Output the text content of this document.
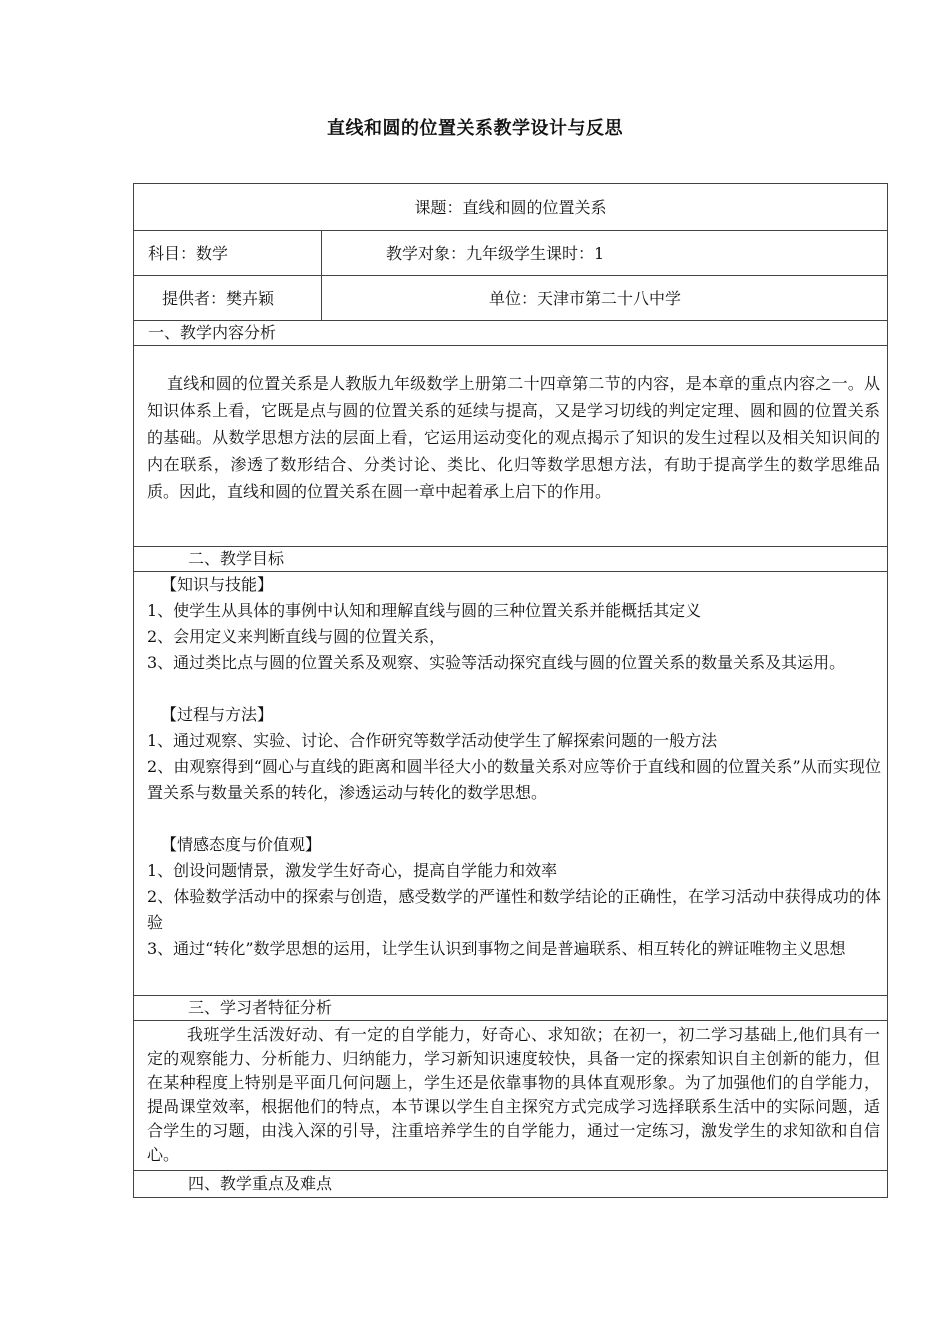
直线和圆的位置关系教学设计与反思
课题：直线和圆的位置关系
科目：数学	教学对象：九年级学生课时：1
提供者：樊卉颖	单位：天津市第二十八中学
一、教学内容分析

直线和圆的位置关系是人教版九年级数学上册第二十四章第二节的内容，是本章的重点内容之一。从知识体系上看，它既是点与圆的位置关系的延续与提高，又是学习切线的判定定理、圆和圆的位置关系的基础。从数学思想方法的层面上看，它运用运动变化的观点揭示了知识的发生过程以及相关知识间的内在联系，渗透了数形结合、分类讨论、类比、化归等数学思想方法，有助于提高学生的数学思维品质。因此，直线和圆的位置关系在圆一章中起着承上启下的作用。

二、教学目标

【知识与技能】

1、使学生从具体的事例中认知和理解直线与圆的三种位置关系并能概括其定义

2、会用定义来判断直线与圆的位置关系，

3、通过类比点与圆的位置关系及观察、实验等活动探究直线与圆的位置关系的数量关系及其运用。

【过程与方法】

1、通过观察、实验、讨论、合作研究等数学活动使学生了解探索问题的一般方法

2、由观察得到“圆心与直线的距离和圆半径大小的数量关系对应等价于直线和圆的位置关系”从而实现位置关系与数量关系的转化，渗透运动与转化的数学思想。

【情感态度与价值观】

1、创设问题情景，激发学生好奇心，提高自学能力和效率

2、体验数学活动中的探索与创造，感受数学的严谨性和数学结论的正确性，在学习活动中获得成功的体验

3、通过“转化”数学思想的运用，让学生认识到事物之间是普遍联系、相互转化的辨证唯物主义思想

三、学习者特征分析

我班学生活泼好动、有一定的自学能力，好奇心、求知欲；在初一，初二学习基础上,他们具有一定的观察能力、分析能力、归纳能力，学习新知识速度较快，具备一定的探索知识自主创新的能力，但在某种程度上特别是平面几何问题上，学生还是依靠事物的具体直观形象。为了加强他们的自学能力，提咼课堂效率，根据他们的特点，本节课以学生自主探究方式完成学习选择联系生活中的实际问题，适合学生的习题，由浅入深的引导，注重培养学生的自学能力，通过一定练习，激发学生的求知欲和自信心。

四、教学重点及难点
